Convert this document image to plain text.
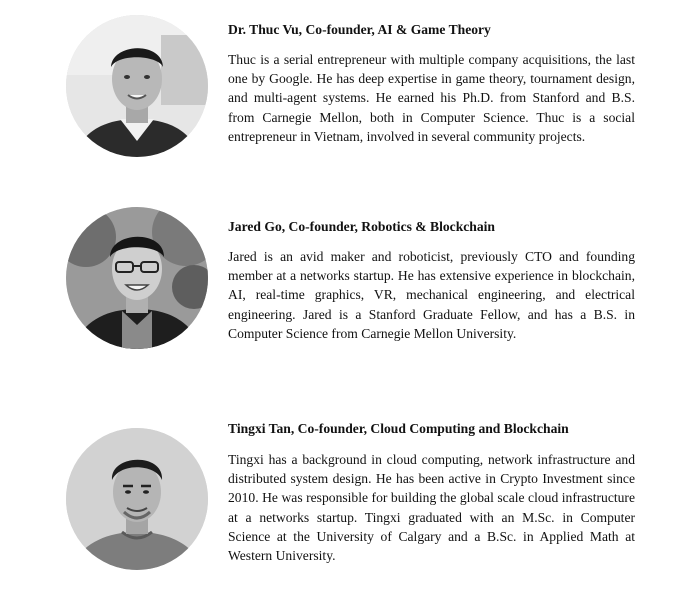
Dr. Thuc Vu, Co-founder, AI & Game Theory

Thuc is a serial entrepreneur with multiple company acquisitions, the last one by Google. He has deep expertise in game theory, tournament design, and multi-agent systems. He earned his Ph.D. from Stanford and B.S. from Carnegie Mellon, both in Computer Science. Thuc is a social entrepreneur in Vietnam, involved in several community projects.

Jared Go, Co-founder, Robotics & Blockchain

Jared is an avid maker and roboticist, previously CTO and founding member at a networks startup. He has extensive experience in blockchain, AI, real-time graphics, VR, mechanical engineering, and electrical engineering. Jared is a Stanford Graduate Fellow, and has a B.S. in Computer Science from Carnegie Mellon University.

Tingxi Tan, Co-founder, Cloud Computing and Blockchain

Tingxi has a background in cloud computing, network infrastructure and distributed system design. He has been active in Crypto Investment since 2010. He was responsible for building the global scale cloud infrastructure at a networks startup. Tingxi graduated with an M.Sc. in Computer Science at the University of Calgary and a B.Sc. in Applied Math at Western University.
